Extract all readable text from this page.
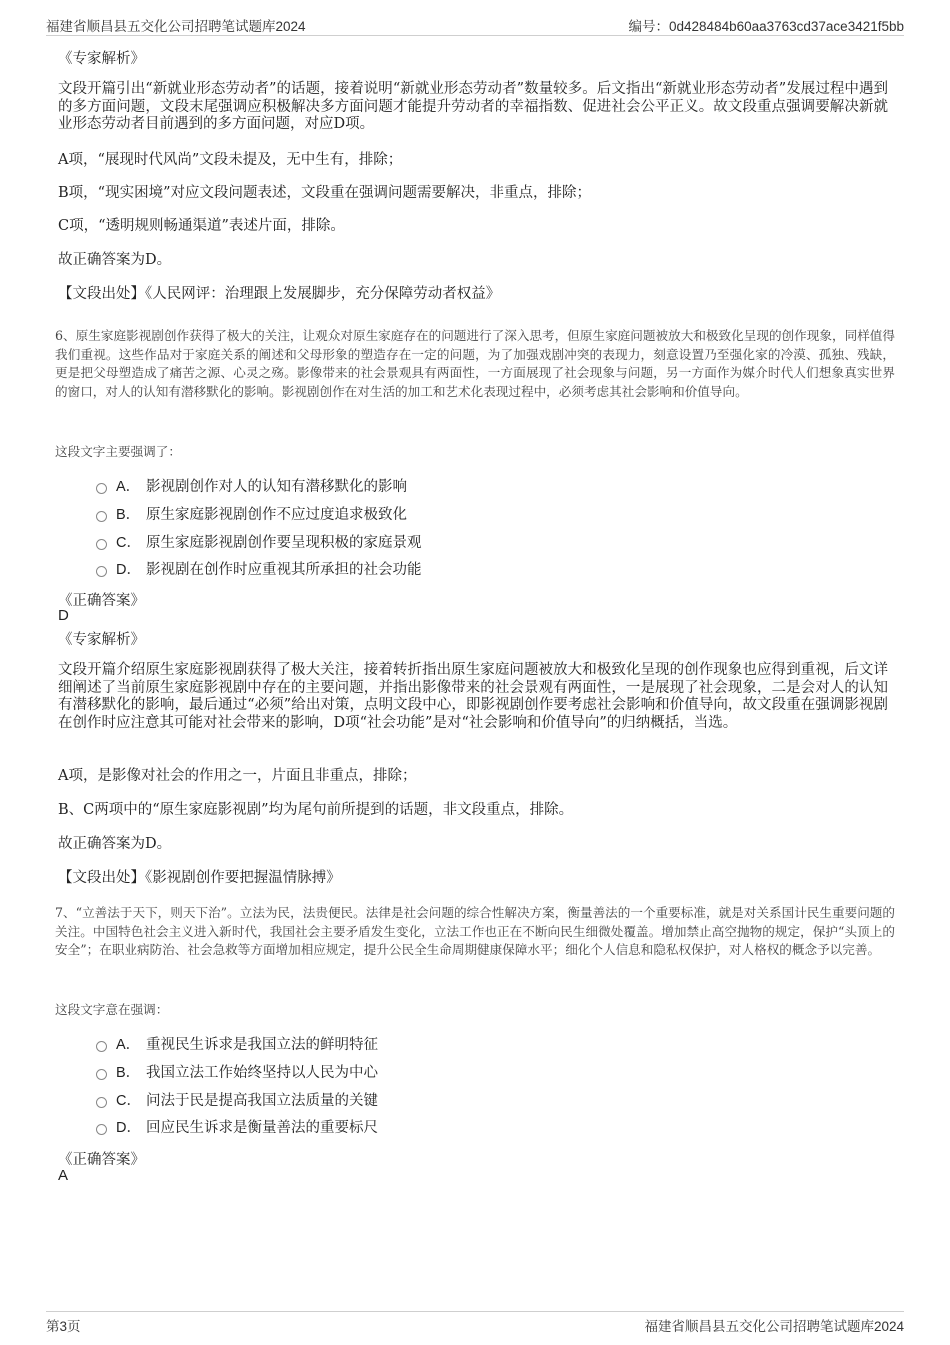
福建省顺昌县五交化公司招聘笔试题库2024	编号：0d428484b60aa3763cd37ace3421f5bb
《专家解析》
文段开篇引出“新就业形态劳动者”的话题，接着说明“新就业形态劳动者”数量较多。后文指出“新就业形态劳动者”发展过程中遇到的多方面问题，文段末尾强调应积极解决多方面问题才能提升劳动者的幸福指数、促进社会公平正义。故文段重点强调要解决新就业形态劳动者目前遇到的多方面问题，对应D项。
A项，“展现时代风尚”文段未提及，无中生有，排除；
B项，“现实困境”对应文段问题表述，文段重在强调问题需要解决，非重点，排除；
C项，“透明规则畅通渠道”表述片面，排除。
故正确答案为D。
【文段出处】《人民网评：治理跟上发展脚步，充分保障劳动者权益》
6、原生家庭影视剧创作获得了极大的关注，让观众对原生家庭存在的问题进行了深入思考，但原生家庭问题被放大和极致化呈现的创作现象，同样值得我们重视。这些作品对于家庭关系的阐述和父母形象的塑造存在一定的问题，为了加强戏剧冲突的表现力，刻意设置乃至强化家的冷漠、孤独、残缺，更是把父母塑造成了痛苦之源、心灵之殇。影像带来的社会景观具有两面性，一方面展现了社会现象与问题，另一方面作为媒介时代人们想象真实世界的窗口，对人的认知有潜移默化的影响。影视剧创作在对生活的加工和艺术化表现过程中，必须考虑其社会影响和价值导向。
这段文字主要强调了：
A． 影视剧创作对人的认知有潜移默化的影响
B． 原生家庭影视剧创作不应过度追求极致化
C． 原生家庭影视剧创作要呈现积极的家庭景观
D． 影视剧在创作时应重视其所承担的社会功能
《正确答案》
D
《专家解析》
文段开篇介绍原生家庭影视剧获得了极大关注，接着转折指出原生家庭问题被放大和极致化呈现的创作现象也应得到重视，后文详细阐述了当前原生家庭影视剧中存在的主要问题，并指出影像带来的社会景观有两面性，一是展现了社会现象，二是会对人的认知有潜移默化的影响，最后通过“必须”给出对策，点明文段中心，即影视剧创作要考虑社会影响和价值导向，故文段重在强调影视剧在创作时应注意其可能对社会带来的影响，D项“社会功能”是对“社会影响和价值导向”的归纳概括，当选。
A项，是影像对社会的作用之一，片面且非重点，排除；
B、C两项中的“原生家庭影视剧”均为尾句前所提到的话题，非文段重点，排除。
故正确答案为D。
【文段出处】《影视剧创作要把握温情脉搏》
7、“立善法于天下，则天下治”。立法为民，法贵便民。法律是社会问题的综合性解决方案，衡量善法的一个重要标准，就是对关系国计民生重要问题的关注。中国特色社会主义进入新时代，我国社会主要矛盾发生变化，立法工作也正在不断向民生细微处覆盖。增加禁止高空抛物的规定，保护“头顶上的安全”；在职业病防治、社会急救等方面增加相应规定，提升公民全生命周期健康保障水平；细化个人信息和隐私权保护，对人格权的概念予以完善。
这段文字意在强调：
A． 重视民生诉求是我国立法的鲜明特征
B． 我国立法工作始终坚持以人民为中心
C． 问法于民是提高我国立法质量的关键
D． 回应民生诉求是衡量善法的重要标尺
《正确答案》
A
第3页	福建省顺昌县五交化公司招聘笔试题库2024
